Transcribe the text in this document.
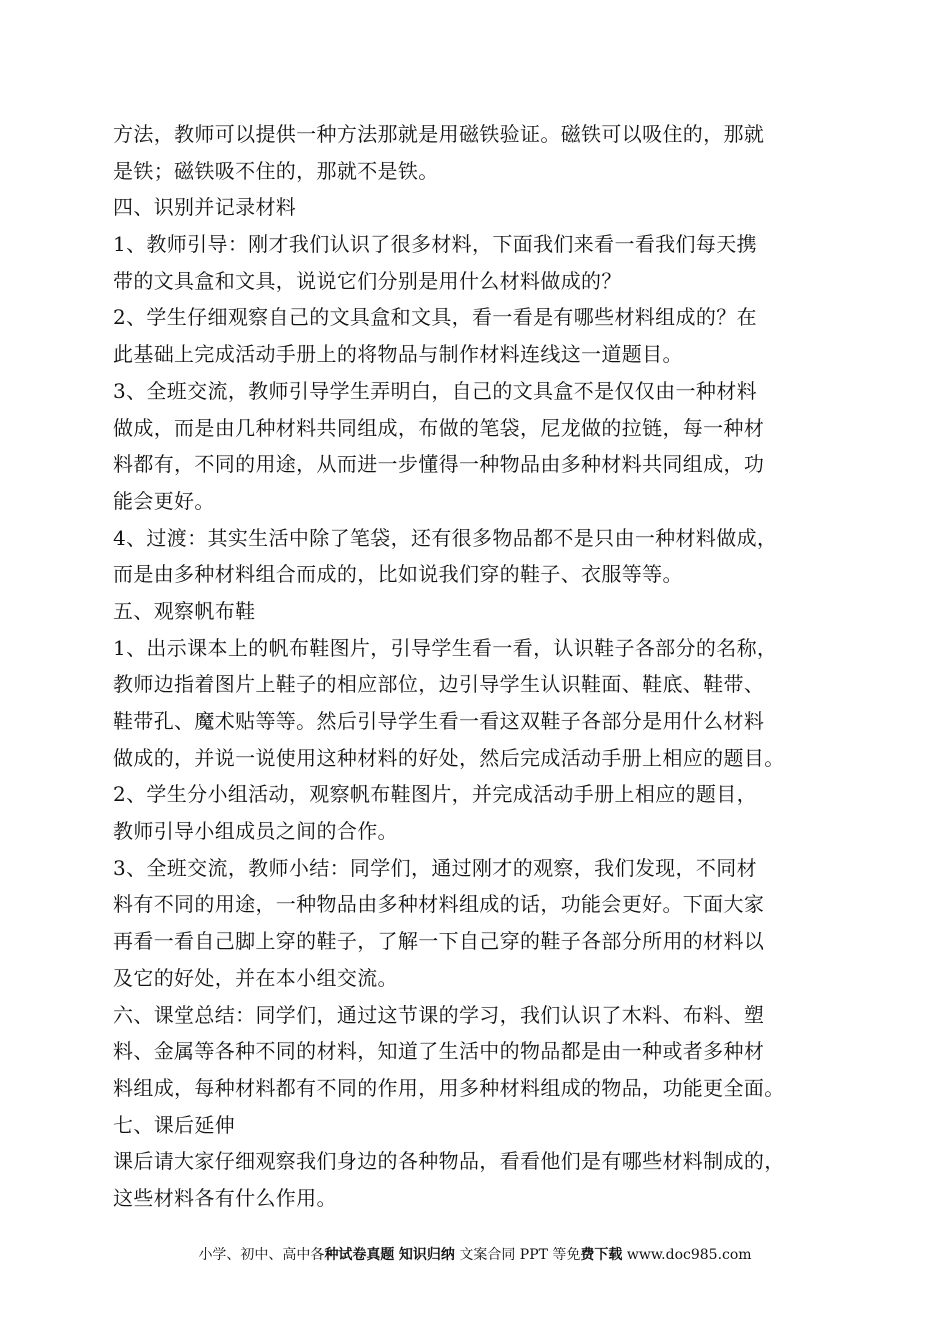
方法，教师可以提供一种方法那就是用磁铁验证。磁铁可以吸住的，那就
是铁；磁铁吸不住的，那就不是铁。
四、识别并记录材料
1、教师引导：刚才我们认识了很多材料，下面我们来看一看我们每天携
带的文具盒和文具，说说它们分别是用什么材料做成的？
2、学生仔细观察自己的文具盒和文具，看一看是有哪些材料组成的？在
此基础上完成活动手册上的将物品与制作材料连线这一道题目。
3、全班交流，教师引导学生弄明白，自己的文具盒不是仅仅由一种材料
做成，而是由几种材料共同组成，布做的笔袋，尼龙做的拉链，每一种材
料都有，不同的用途，从而进一步懂得一种物品由多种材料共同组成，功
能会更好。
4、过渡：其实生活中除了笔袋，还有很多物品都不是只由一种材料做成，
而是由多种材料组合而成的，比如说我们穿的鞋子、衣服等等。
五、观察帆布鞋
1、出示课本上的帆布鞋图片，引导学生看一看，认识鞋子各部分的名称，
教师边指着图片上鞋子的相应部位，边引导学生认识鞋面、鞋底、鞋带、
鞋带孔、魔术贴等等。然后引导学生看一看这双鞋子各部分是用什么材料
做成的，并说一说使用这种材料的好处，然后完成活动手册上相应的题目。
2、学生分小组活动，观察帆布鞋图片，并完成活动手册上相应的题目，
教师引导小组成员之间的合作。
3、全班交流，教师小结：同学们，通过刚才的观察，我们发现，不同材
料有不同的用途，一种物品由多种材料组成的话，功能会更好。下面大家
再看一看自己脚上穿的鞋子，了解一下自己穿的鞋子各部分所用的材料以
及它的好处，并在本小组交流。
六、课堂总结：同学们，通过这节课的学习，我们认识了木料、布料、塑
料、金属等各种不同的材料，知道了生活中的物品都是由一种或者多种材
料组成，每种材料都有不同的作用，用多种材料组成的物品，功能更全面。
七、课后延伸
课后请大家仔细观察我们身边的各种物品，看看他们是有哪些材料制成的，
这些材料各有什么作用。
小学、初中、高中各种试卷真题 知识归纳 文案合同 PPT 等免费下载 www.doc985.com
